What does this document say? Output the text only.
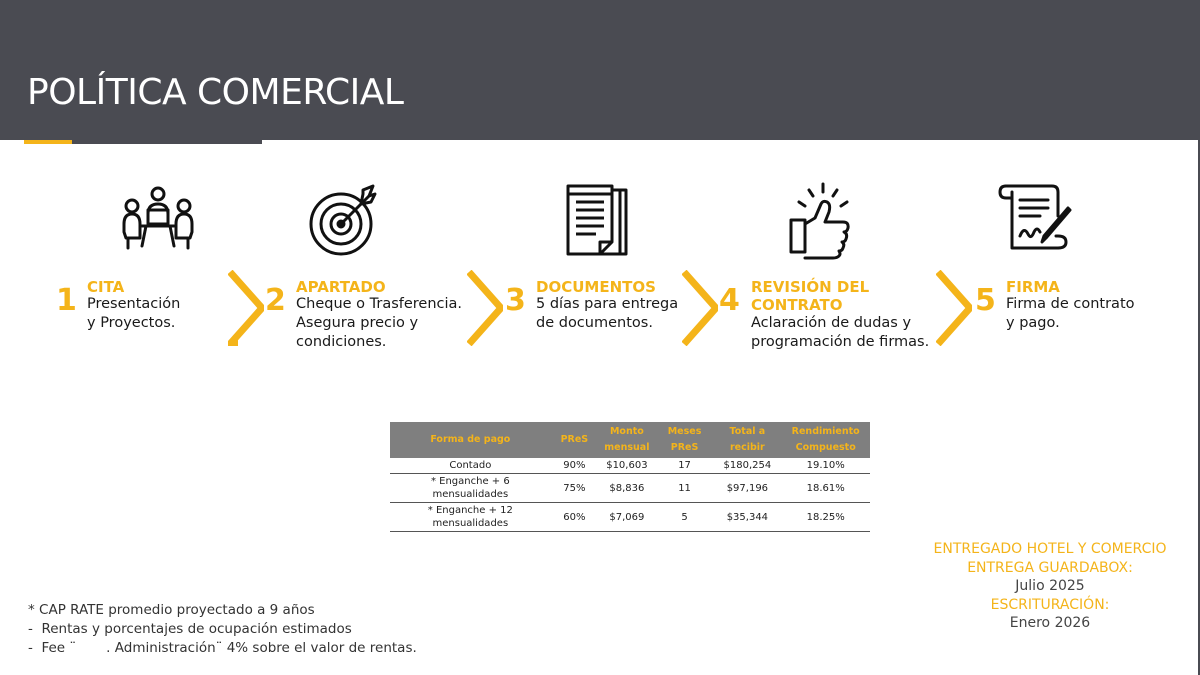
POLÍTICA COMERCIAL
1 CITA
Presentación
y Proyectos.
2 APARTADO
Cheque o Trasferencia.
Asegura precio y
condiciones.
3 DOCUMENTOS
5 días para entrega
de documentos.
4 REVISIÓN DEL
CONTRATO
Aclaración de dudas y
programación de firmas.
5 FIRMA
Firma de contrato
y pago.
Forma de pago	PReS	Monto mensual	Meses PReS	Total a recibir	Rendimiento Compuesto
Contado	90%	$10,603	17	$180,254	19.10%
* Enganche + 6 mensualidades	75%	$8,836	11	$97,196	18.61%
* Enganche + 12 mensualidades	60%	$7,069	5	$35,344	18.25%
* CAP RATE promedio proyectado a 9 años
-  Rentas y porcentajes de ocupación estimados
-  Fee ¨       . Administración¨ 4% sobre el valor de rentas.
ENTREGADO HOTEL Y COMERCIO
ENTREGA GUARDABOX:
Julio 2025
ESCRITURACIÓN:
Enero 2026
